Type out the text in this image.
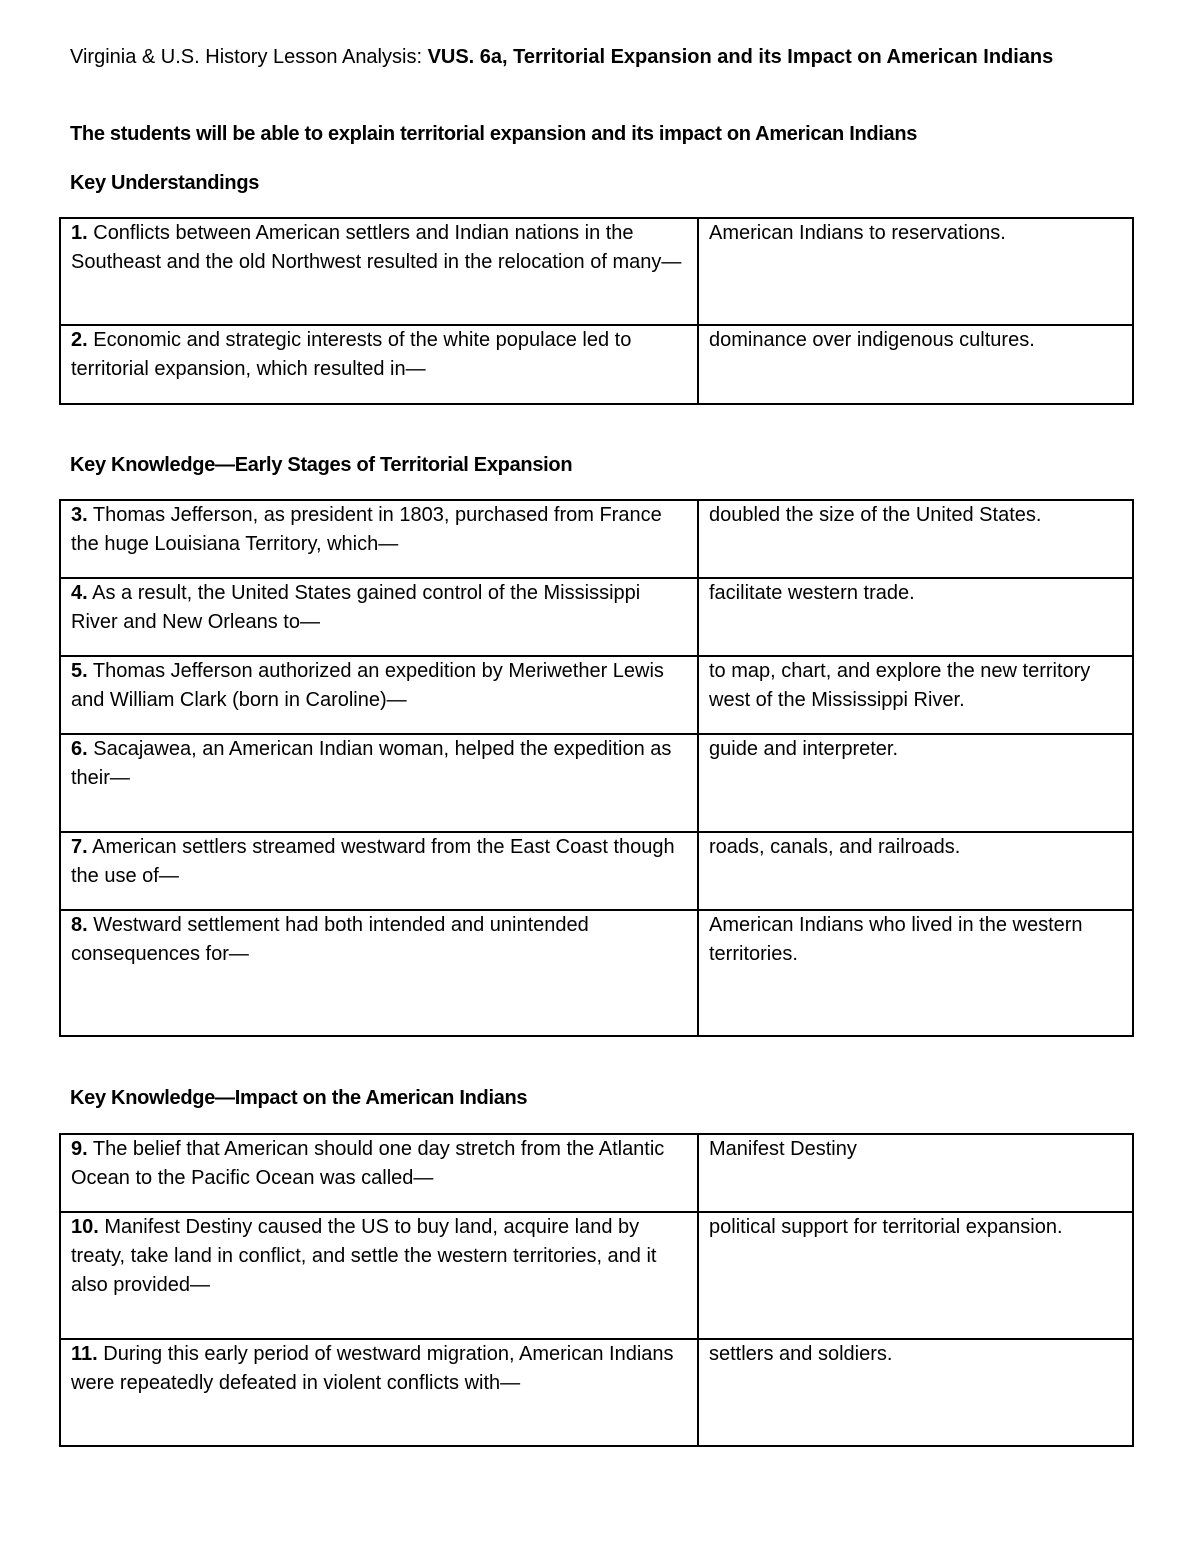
Virginia & U.S. History Lesson Analysis: VUS. 6a, Territorial Expansion and its Impact on American Indians

The students will be able to explain territorial expansion and its impact on American Indians

Key Understandings

1. Conflicts between American settlers and Indian nations in the Southeast and the old Northwest resulted in the relocation of many—	American Indians to reservations.
2. Economic and strategic interests of the white populace led to territorial expansion, which resulted in—	dominance over indigenous cultures.

Key Knowledge—Early Stages of Territorial Expansion

3. Thomas Jefferson, as president in 1803, purchased from France the huge Louisiana Territory, which—	doubled the size of the United States.
4. As a result, the United States gained control of the Mississippi River and New Orleans to—	facilitate western trade.
5. Thomas Jefferson authorized an expedition by Meriwether Lewis and William Clark (born in Caroline)—	to map, chart, and explore the new territory west of the Mississippi River.
6. Sacajawea, an American Indian woman, helped the expedition as their—	guide and interpreter.
7. American settlers streamed westward from the East Coast though the use of—	roads, canals, and railroads.
8. Westward settlement had both intended and unintended consequences for—	American Indians who lived in the western territories.

Key Knowledge—Impact on the American Indians

9. The belief that American should one day stretch from the Atlantic Ocean to the Pacific Ocean was called—	Manifest Destiny
10. Manifest Destiny caused the US to buy land, acquire land by treaty, take land in conflict, and settle the western territories, and it also provided—	political support for territorial expansion.
11. During this early period of westward migration, American Indians were repeatedly defeated in violent conflicts with—	settlers and soldiers.
